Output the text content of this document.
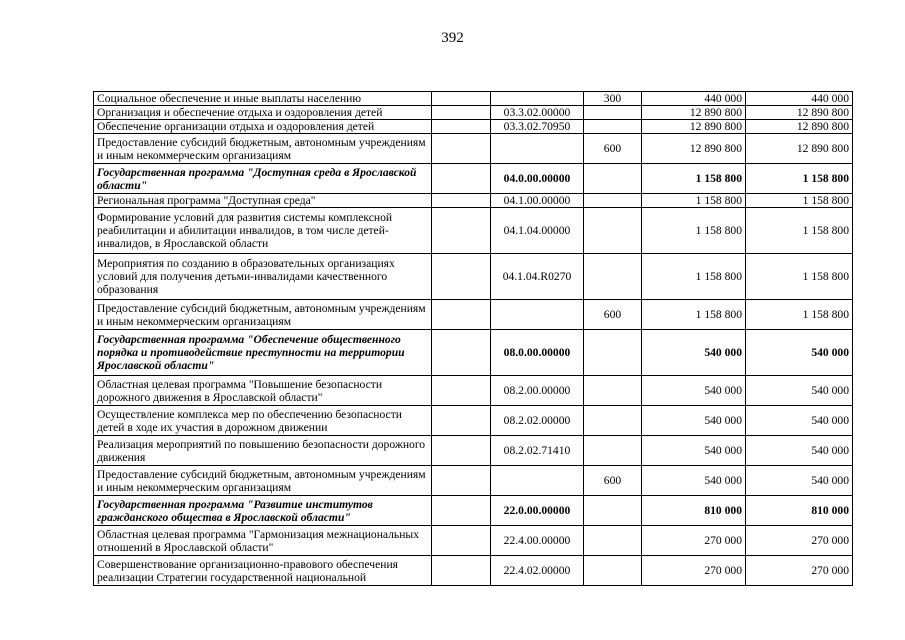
392
Социальное обеспечение и иные выплаты населению			300	440 000	440 000
Организация и обеспечение отдыха и оздоровления детей		03.3.02.00000		12 890 800	12 890 800
Обеспечение организации отдыха и оздоровления детей		03.3.02.70950		12 890 800	12 890 800
Предоставление субсидий бюджетным, автономным учреждениям и иным некоммерческим организациям			600	12 890 800	12 890 800
Государственная программа "Доступная среда в Ярославской области"		04.0.00.00000		1 158 800	1 158 800
Региональная программа "Доступная среда"		04.1.00.00000		1 158 800	1 158 800
Формирование условий для развития системы комплексной реабилитации и абилитации инвалидов, в том числе детей-инвалидов, в Ярославской области		04.1.04.00000		1 158 800	1 158 800
Мероприятия по созданию в образовательных организациях условий для получения детьми-инвалидами качественного образования		04.1.04.R0270		1 158 800	1 158 800
Предоставление субсидий бюджетным, автономным учреждениям и иным некоммерческим организациям			600	1 158 800	1 158 800
Государственная программа "Обеспечение общественного порядка и противодействие преступности на территории Ярославской области"		08.0.00.00000		540 000	540 000
Областная целевая программа "Повышение безопасности дорожного движения в Ярославской области"		08.2.00.00000		540 000	540 000
Осуществление комплекса мер по обеспечению безопасности детей в ходе их участия в дорожном движении		08.2.02.00000		540 000	540 000
Реализация мероприятий по повышению безопасности дорожного движения		08.2.02.71410		540 000	540 000
Предоставление субсидий бюджетным, автономным учреждениям и иным некоммерческим организациям			600	540 000	540 000
Государственная программа "Развитие институтов гражданского общества в Ярославской области"		22.0.00.00000		810 000	810 000
Областная целевая программа "Гармонизация межнациональных отношений в Ярославской области"		22.4.00.00000		270 000	270 000
Совершенствование организационно-правового обеспечения реализации Стратегии государственной национальной		22.4.02.00000		270 000	270 000
